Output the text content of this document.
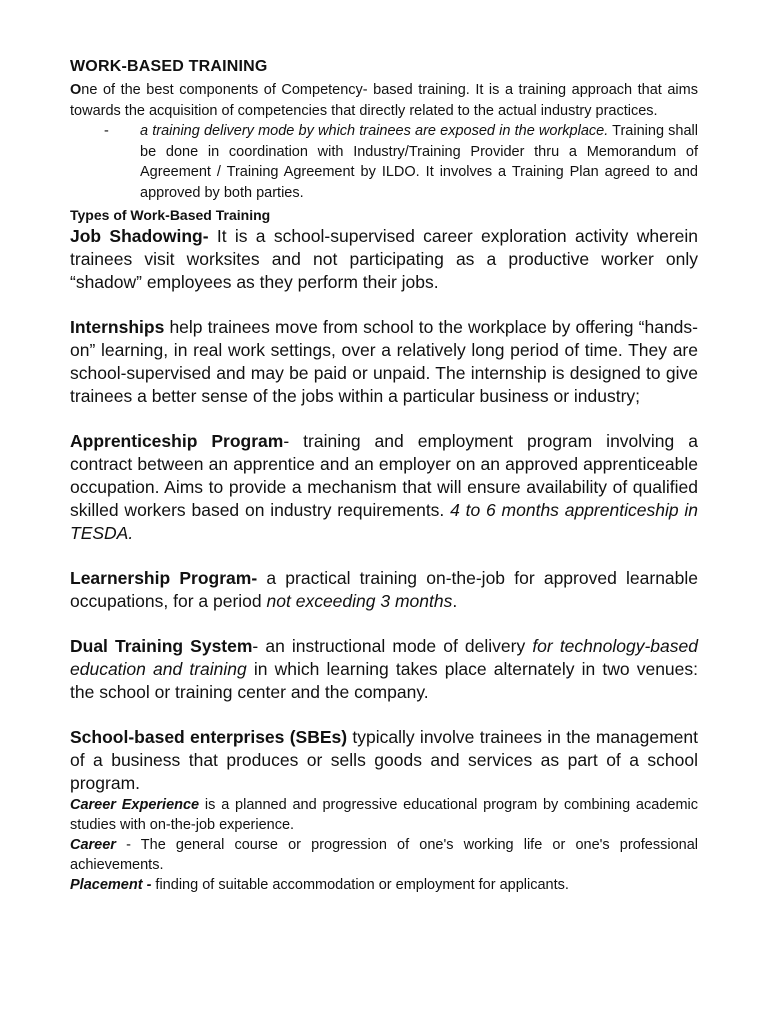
WORK-BASED TRAINING

One of the best components of Competency- based training. It is a training approach that aims towards the acquisition of competencies that directly related to the actual industry practices.

-	a training delivery mode by which trainees are exposed in the workplace. Training shall be done in coordination with Industry/Training Provider thru a Memorandum of Agreement / Training Agreement by ILDO. It involves a Training Plan agreed to and approved by both parties.
Types of Work-Based Training

Job Shadowing- It is a school-supervised career exploration activity wherein trainees visit worksites and not participating as a productive worker only “shadow” employees as they perform their jobs.

Internships help trainees move from school to the workplace by offering “hands-on” learning, in real work settings, over a relatively long period of time. They are school-supervised and may be paid or unpaid. The internship is designed to give trainees a better sense of the jobs within a particular business or industry;

Apprenticeship Program- training and employment program involving a contract between an apprentice and an employer on an approved apprenticeable occupation. Aims to provide a mechanism that will ensure availability of qualified skilled workers based on industry requirements. 4 to 6 months apprenticeship in TESDA.

Learnership Program- a practical training on-the-job for approved learnable occupations, for a period not exceeding 3 months.

Dual Training System- an instructional mode of delivery for technology-based education and training in which learning takes place alternately in two venues: the school or training center and the company.

School-based enterprises (SBEs) typically involve trainees in the management of a business that produces or sells goods and services as part of a school program.

Career Experience is a planned and progressive educational program by combining academic studies with on-the-job experience.

Career - The general course or progression of one's working life or one's professional achievements.

Placement - finding of suitable accommodation or employment for applicants.
